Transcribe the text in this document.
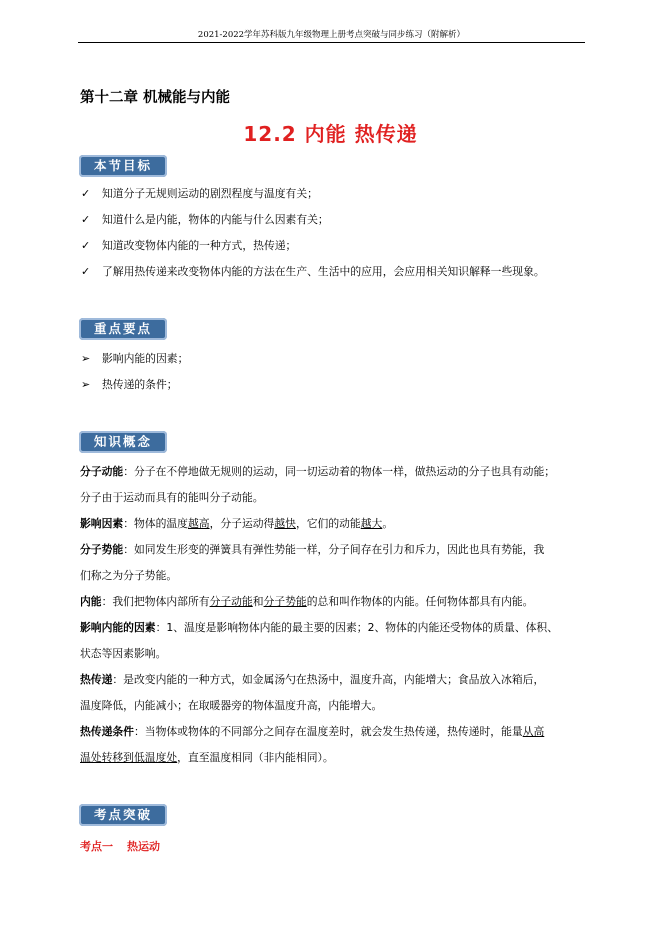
2021-2022学年苏科版九年级物理上册考点突破与同步练习（附解析）
第十二章 机械能与内能
12.2 内能 热传递
本节目标
✓ 知道分子无规则运动的剧烈程度与温度有关；
✓ 知道什么是内能，物体的内能与什么因素有关；
✓ 知道改变物体内能的一种方式，热传递；
✓ 了解用热传递来改变物体内能的方法在生产、生活中的应用，会应用相关知识解释一些现象。
重点要点
➢ 影响内能的因素；
➢ 热传递的条件；
知识概念
分子动能：分子在不停地做无规则的运动，同一切运动着的物体一样，做热运动的分子也具有动能；
分子由于运动而具有的能叫分子动能。
影响因素：物体的温度越高，分子运动得越快，它们的动能越大。
分子势能：如同发生形变的弹簧具有弹性势能一样，分子间存在引力和斥力，因此也具有势能，我
们称之为分子势能。
内能：我们把物体内部所有分子动能和分子势能的总和叫作物体的内能。任何物体都具有内能。
影响内能的因素：1、温度是影响物体内能的最主要的因素；2、物体的内能还受物体的质量、体积、
状态等因素影响。
热传递：是改变内能的一种方式，如金属汤勺在热汤中，温度升高，内能增大；食品放入冰箱后，
温度降低，内能减小；在取暖器旁的物体温度升高，内能增大。
热传递条件：当物体或物体的不同部分之间存在温度差时，就会发生热传递，热传递时，能量从高
温处转移到低温度处，直至温度相同（非内能相同）。
考点突破
考点一 热运动
